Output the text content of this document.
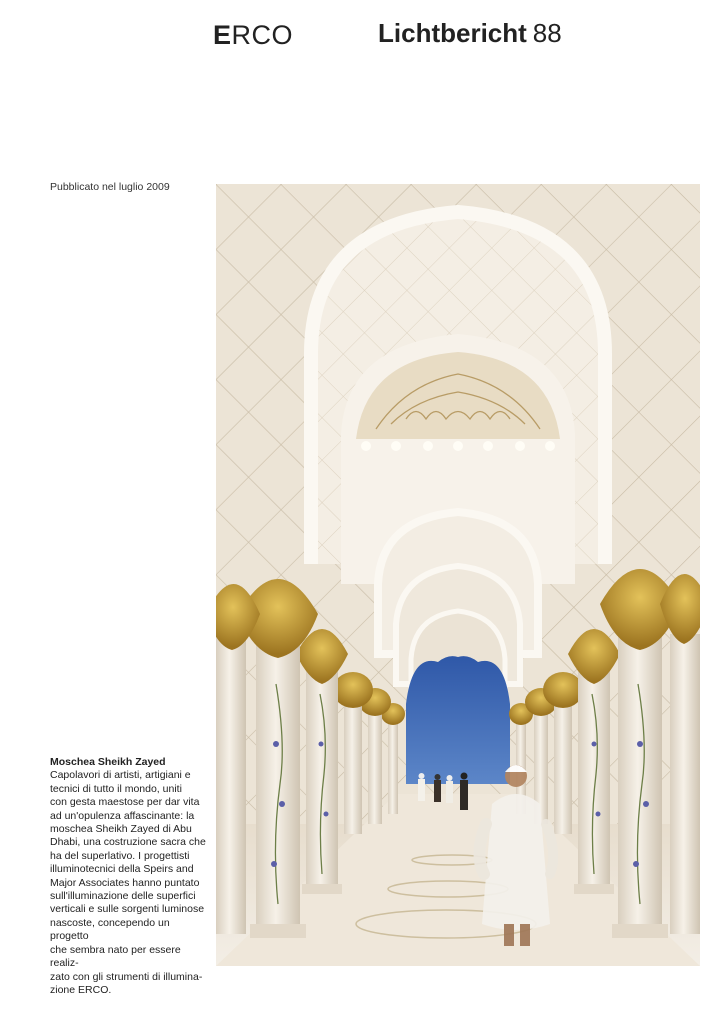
ERCO	Lichtbericht 88
Pubblicato nel luglio 2009
Moschea Sheikh Zayed
Capolavori di artisti, artigiani e
tecnici di tutto il mondo, uniti
con gesta maestose per dar vita
ad un'opulenza affascinante: la
moschea Sheikh Zayed di Abu
Dhabi, una costruzione sacra che
ha del superlativo. I progettisti
illuminotecnici della Speirs and
Major Associates hanno puntato
sull'illuminazione delle superfici
verticali e sulle sorgenti luminose
nascoste, concependo un progetto
che sembra nato per essere realiz-
zato con gli strumenti di illumina-
zione ERCO.
